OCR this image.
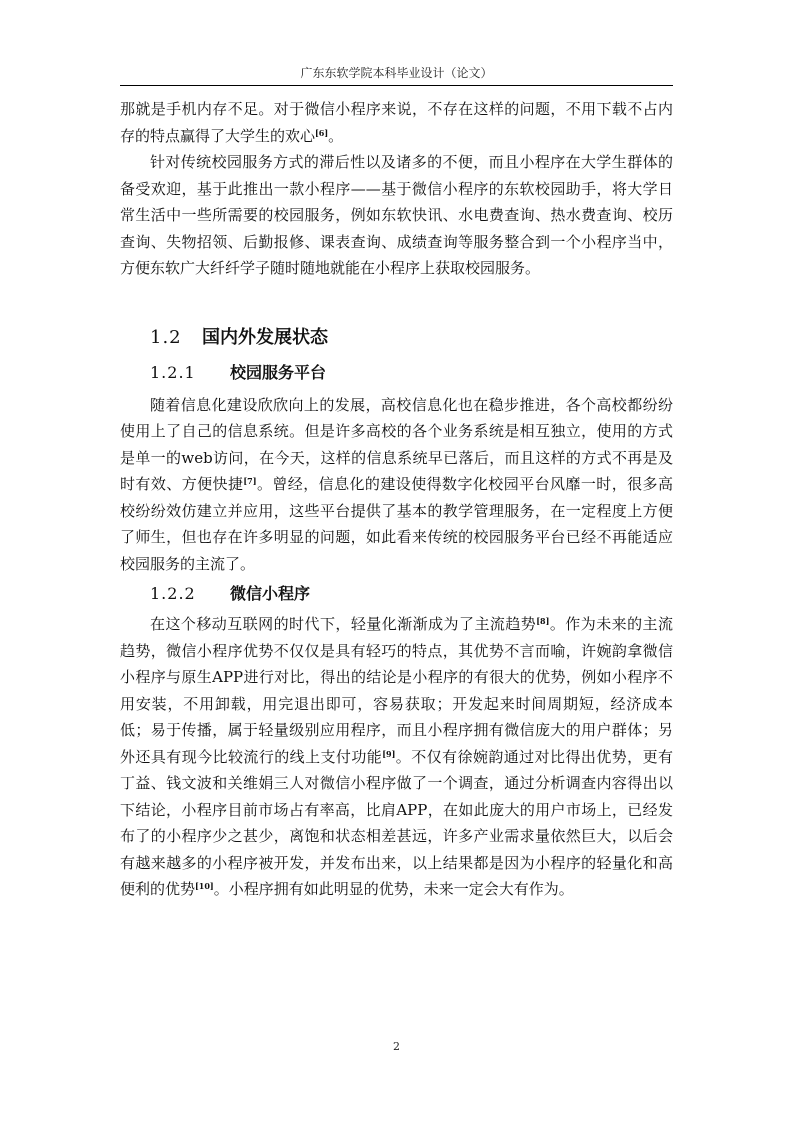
广东东软学院本科毕业设计（论文）

那就是手机内存不足。对于微信小程序来说，不存在这样的问题，不用下载不占内存的特点赢得了大学生的欢心[6]。

针对传统校园服务方式的滞后性以及诸多的不便，而且小程序在大学生群体的备受欢迎，基于此推出一款小程序——基于微信小程序的东软校园助手，将大学日常生活中一些所需要的校园服务，例如东软快讯、水电费查询、热水费查询、校历查询、失物招领、后勤报修、课表查询、成绩查询等服务整合到一个小程序当中，方便东软广大纤纤学子随时随地就能在小程序上获取校园服务。

1.2 国内外发展状态
1.2.1 校园服务平台

随着信息化建设欣欣向上的发展，高校信息化也在稳步推进，各个高校都纷纷使用上了自己的信息系统。但是许多高校的各个业务系统是相互独立，使用的方式是单一的web访问，在今天，这样的信息系统早已落后，而且这样的方式不再是及时有效、方便快捷[7]。曾经，信息化的建设使得数字化校园平台风靡一时，很多高校纷纷效仿建立并应用，这些平台提供了基本的教学管理服务，在一定程度上方便了师生，但也存在许多明显的问题，如此看来传统的校园服务平台已经不再能适应校园服务的主流了。

1.2.2 微信小程序

在这个移动互联网的时代下，轻量化渐渐成为了主流趋势[8]。作为未来的主流趋势，微信小程序优势不仅仅是具有轻巧的特点，其优势不言而喻，许婉韵拿微信小程序与原生APP进行对比，得出的结论是小程序的有很大的优势，例如小程序不用安装，不用卸载，用完退出即可，容易获取；开发起来时间周期短，经济成本低；易于传播，属于轻量级别应用程序，而且小程序拥有微信庞大的用户群体；另外还具有现今比较流行的线上支付功能[9]。不仅有徐婉韵通过对比得出优势，更有丁益、钱文波和关维娟三人对微信小程序做了一个调查，通过分析调查内容得出以下结论，小程序目前市场占有率高，比肩APP，在如此庞大的用户市场上，已经发布了的小程序少之甚少，离饱和状态相差甚远，许多产业需求量依然巨大，以后会有越来越多的小程序被开发，并发布出来，以上结果都是因为小程序的轻量化和高便利的优势[10]。小程序拥有如此明显的优势，未来一定会大有作为。

2
